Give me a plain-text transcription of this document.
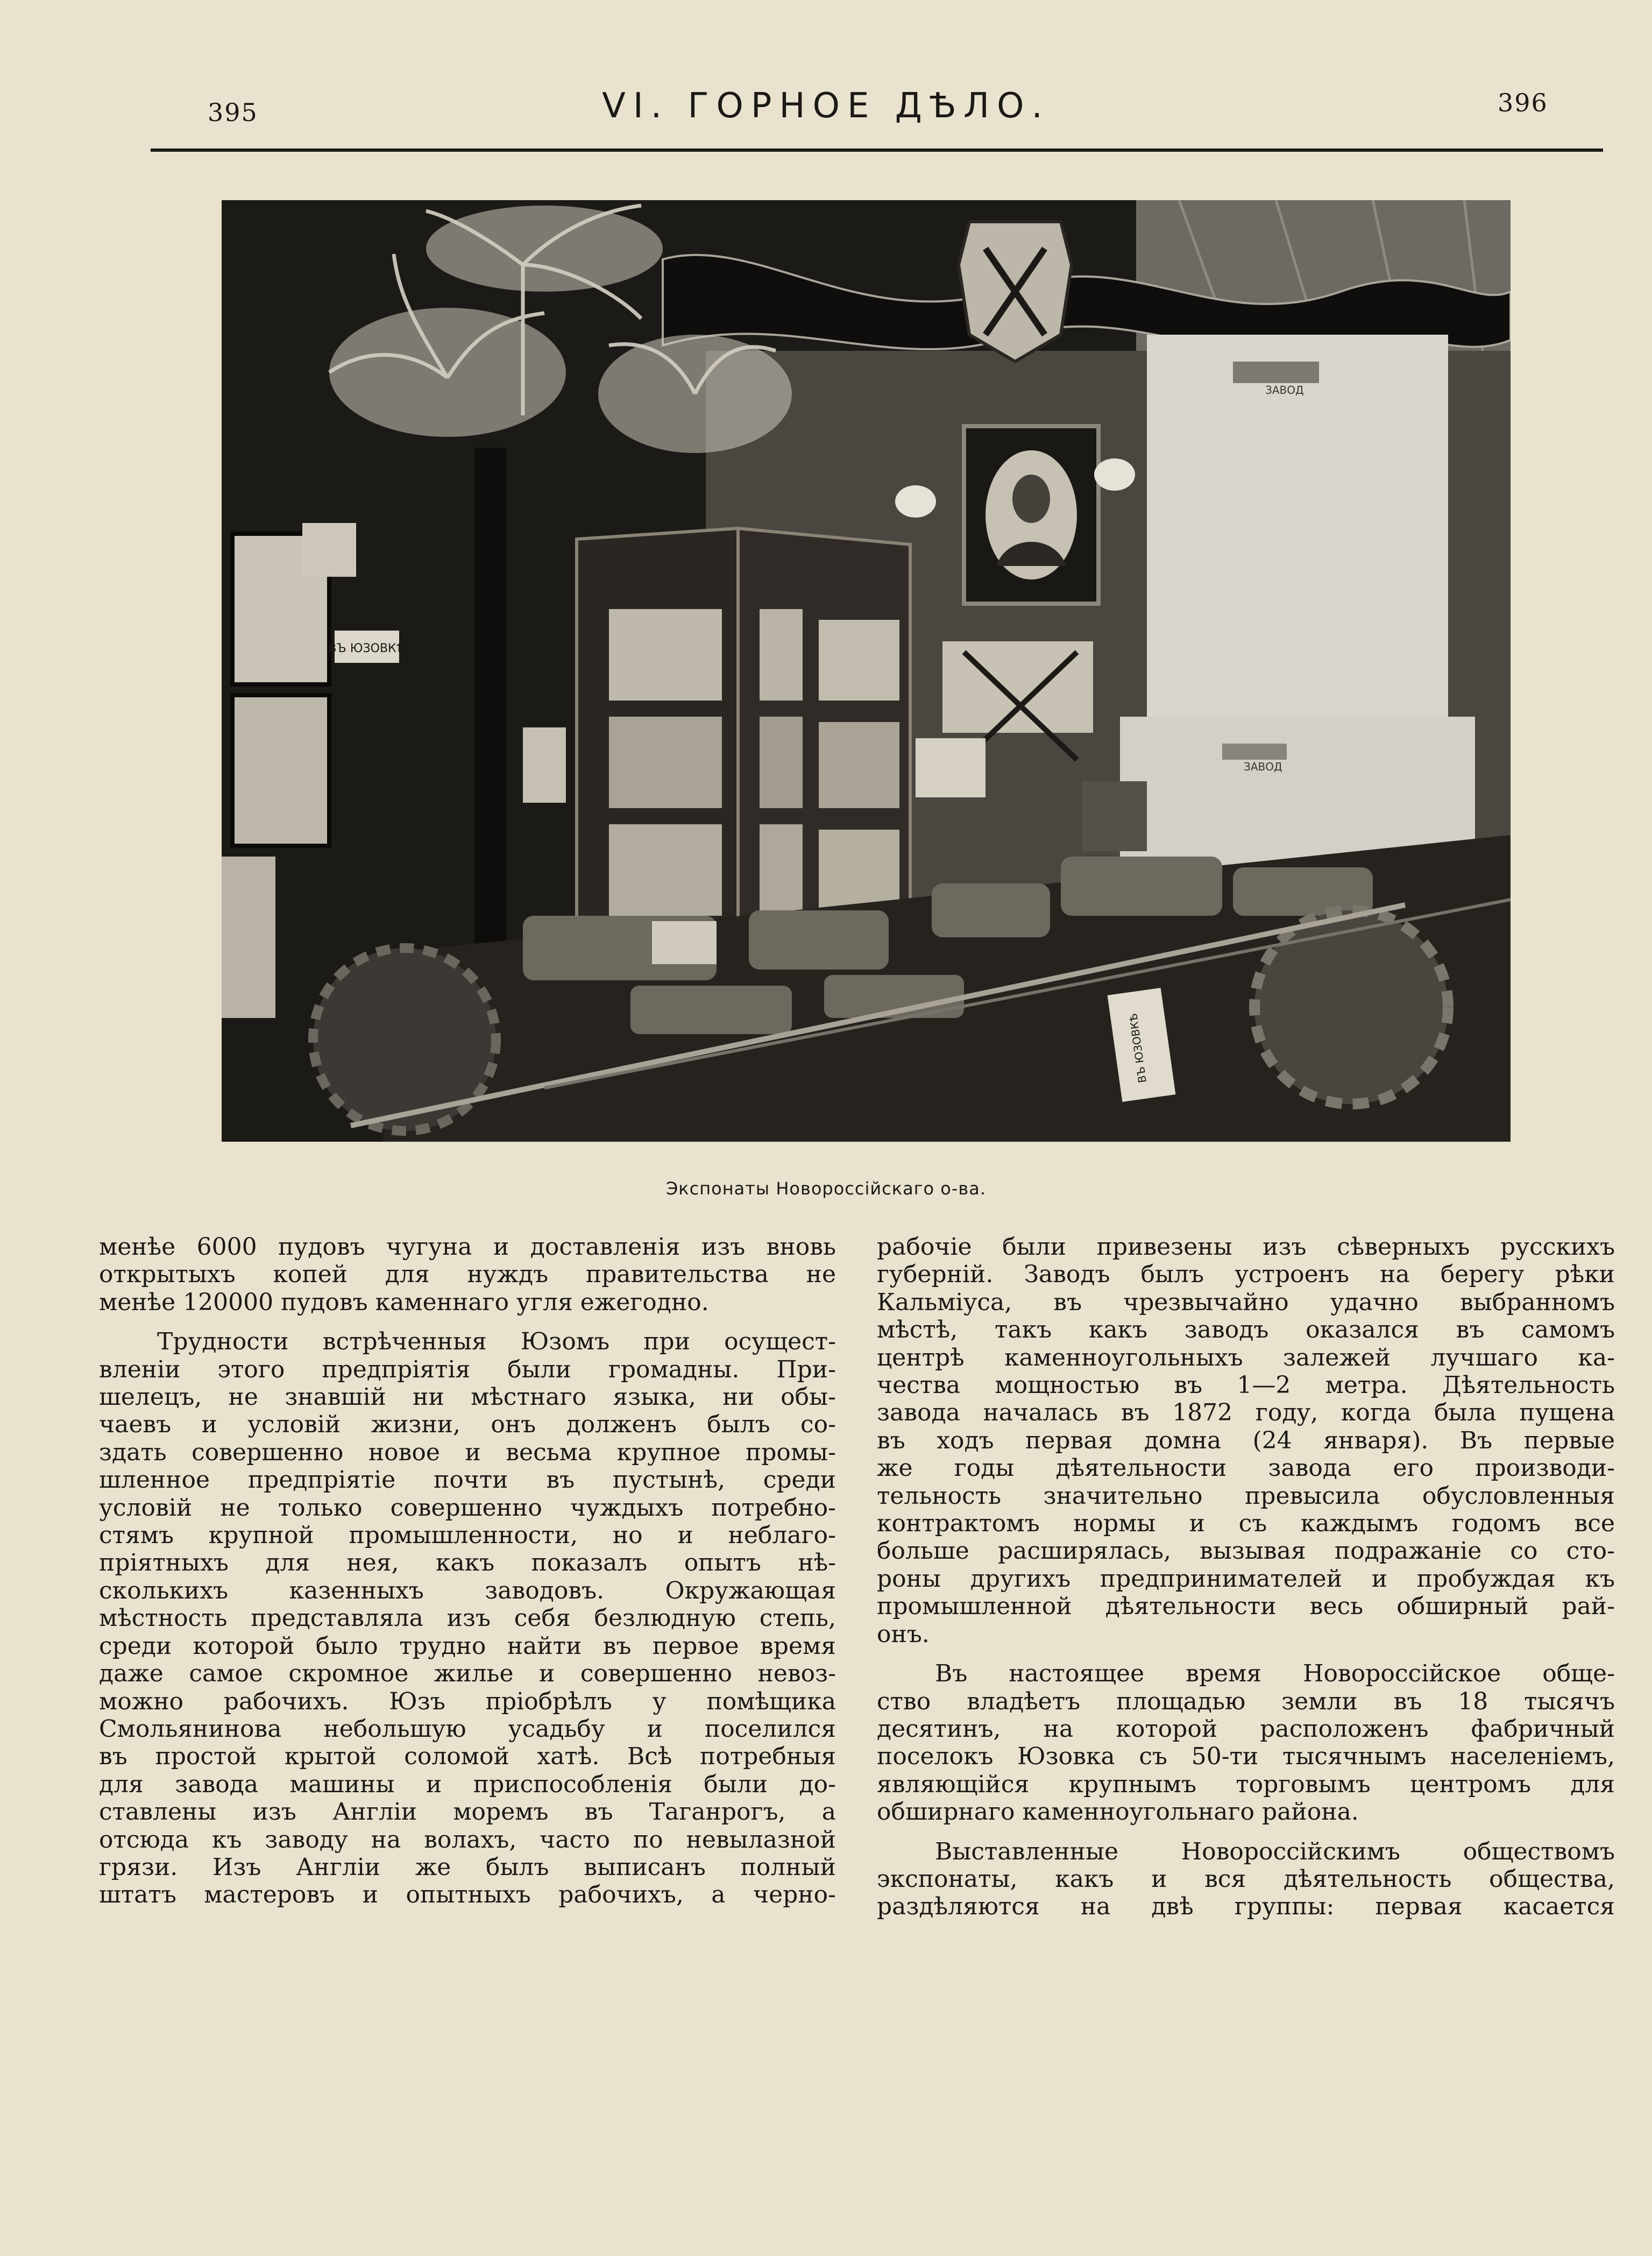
395	VI. ГОРНОЕ ДѢЛО.	396
ВЪ ЮЗОВКѢ
ВЪ ЮЗОВКѢ
ЗАВОД
ЗАВОД
Экспонаты Новороссійскаго о-ва.
менѣе 6000 пудовъ чугуна и доставленія изъ вновь
открытыхъ копей для нуждъ правительства не
менѣе 120000 пудовъ каменнаго угля ежегодно.
Трудности встрѣченныя Юзомъ при осущест-
вленіи этого предпріятія были громадны. При-
шелецъ, не знавшій ни мѣстнаго языка, ни обы-
чаевъ и условій жизни, онъ долженъ былъ со-
здать совершенно новое и весьма крупное промы-
шленное предпріятіе почти въ пустынѣ, среди
условій не только совершенно чуждыхъ потребно-
стямъ крупной промышленности, но и неблаго-
пріятныхъ для нея, какъ показалъ опытъ нѣ-
сколькихъ казенныхъ заводовъ. Окружающая
мѣстность представляла изъ себя безлюдную степь,
среди которой было трудно найти въ первое время
даже самое скромное жилье и совершенно невоз-
можно рабочихъ. Юзъ пріобрѣлъ у помѣщика
Смольянинова небольшую усадьбу и поселился
въ простой крытой соломой хатѣ. Всѣ потребныя
для завода машины и приспособленія были до-
ставлены изъ Англіи моремъ въ Таганрогъ, а
отсюда къ заводу на волахъ, часто по невылазной
грязи. Изъ Англіи же былъ выписанъ полный
штатъ мастеровъ и опытныхъ рабочихъ, а черно-
рабочіе были привезены изъ сѣверныхъ русскихъ
губерній. Заводъ былъ устроенъ на берегу рѣки
Кальміуса, въ чрезвычайно удачно выбранномъ
мѣстѣ, такъ какъ заводъ оказался въ самомъ
центрѣ каменноугольныхъ залежей лучшаго ка-
чества мощностью въ 1—2 метра. Дѣятельность
завода началась въ 1872 году, когда была пущена
въ ходъ первая домна (24 января). Въ первые
же годы дѣятельности завода его производи-
тельность значительно превысила обусловленныя
контрактомъ нормы и съ каждымъ годомъ все
больше расширялась, вызывая подражаніе со сто-
роны другихъ предпринимателей и пробуждая къ
промышленной дѣятельности весь обширный рай-
онъ.
Въ настоящее время Новороссійское обще-
ство владѣетъ площадью земли въ 18 тысячъ
десятинъ, на которой расположенъ фабричный
поселокъ Юзовка съ 50-ти тысячнымъ населеніемъ,
являющійся крупнымъ торговымъ центромъ для
обширнаго каменноугольнаго района.
Выставленные Новороссійскимъ обществомъ
экспонаты, какъ и вся дѣятельность общества,
раздѣляются на двѣ группы: первая касается
